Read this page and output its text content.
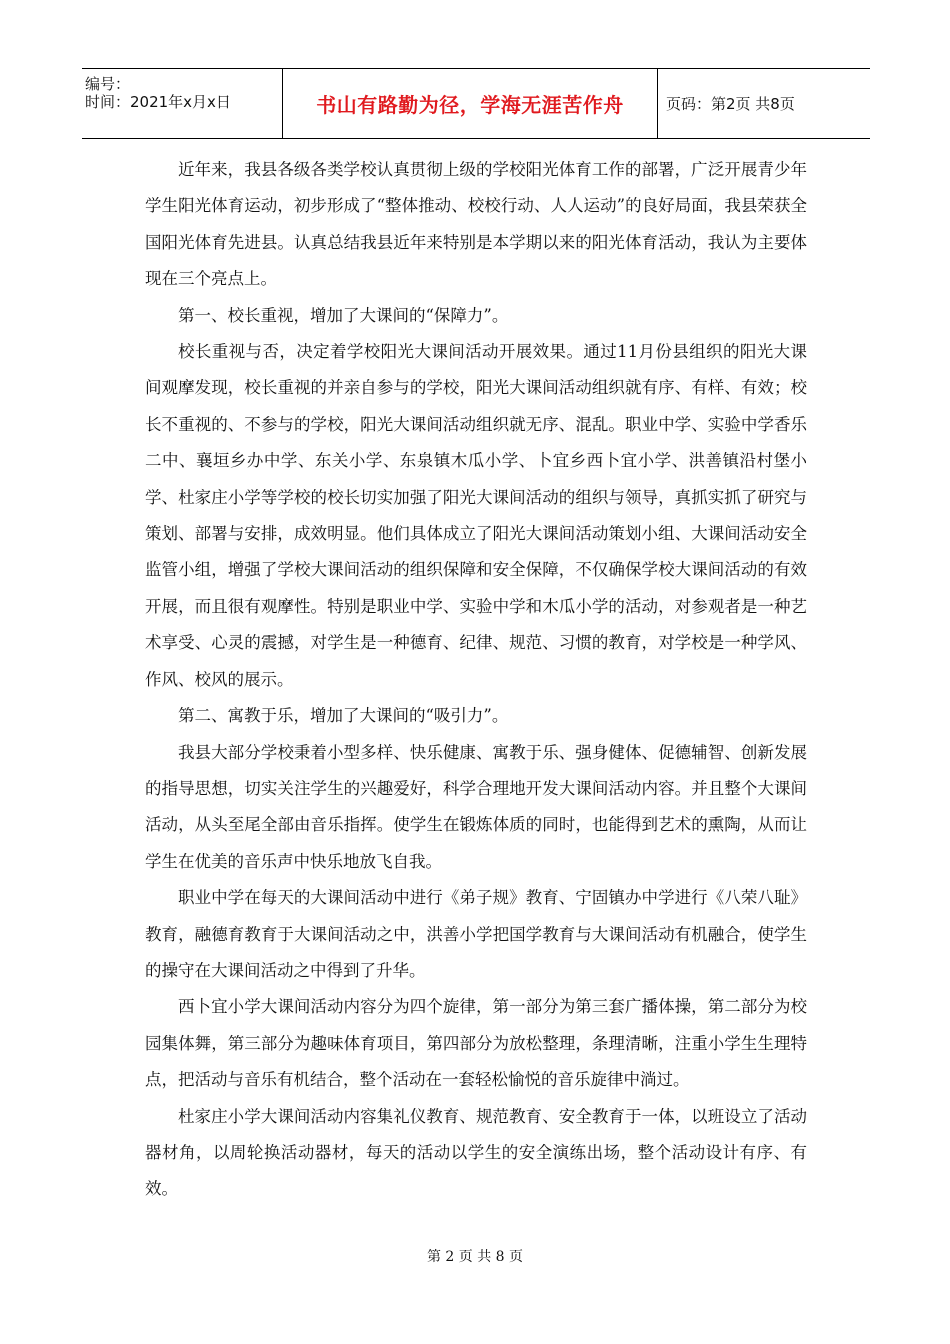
编号：
时间：2021年x月x日	书山有路勤为径，学海无涯苦作舟	页码：第2页 共8页

近年来，我县各级各类学校认真贯彻上级的学校阳光体育工作的部署，广泛开展青少年学生阳光体育运动，初步形成了“整体推动、校校行动、人人运动”的良好局面，我县荣获全国阳光体育先进县。认真总结我县近年来特别是本学期以来的阳光体育活动，我认为主要体现在三个亮点上。

第一、校长重视，增加了大课间的“保障力”。

校长重视与否，决定着学校阳光大课间活动开展效果。通过11月份县组织的阳光大课间观摩发现，校长重视的并亲自参与的学校，阳光大课间活动组织就有序、有样、有效；校长不重视的、不参与的学校，阳光大课间活动组织就无序、混乱。职业中学、实验中学香乐二中、襄垣乡办中学、东关小学、东泉镇木瓜小学、卜宜乡西卜宜小学、洪善镇沿村堡小学、杜家庄小学等学校的校长切实加强了阳光大课间活动的组织与领导，真抓实抓了研究与策划、部署与安排，成效明显。他们具体成立了阳光大课间活动策划小组、大课间活动安全监管小组，增强了学校大课间活动的组织保障和安全保障，不仅确保学校大课间活动的有效开展，而且很有观摩性。特别是职业中学、实验中学和木瓜小学的活动，对参观者是一种艺术享受、心灵的震撼，对学生是一种德育、纪律、规范、习惯的教育，对学校是一种学风、作风、校风的展示。

第二、寓教于乐，增加了大课间的“吸引力”。

我县大部分学校秉着小型多样、快乐健康、寓教于乐、强身健体、促德辅智、创新发展的指导思想，切实关注学生的兴趣爱好，科学合理地开发大课间活动内容。并且整个大课间活动，从头至尾全部由音乐指挥。使学生在锻炼体质的同时，也能得到艺术的熏陶，从而让学生在优美的音乐声中快乐地放飞自我。

职业中学在每天的大课间活动中进行《弟子规》教育、宁固镇办中学进行《八荣八耻》教育，融德育教育于大课间活动之中，洪善小学把国学教育与大课间活动有机融合，使学生的操守在大课间活动之中得到了升华。

西卜宜小学大课间活动内容分为四个旋律，第一部分为第三套广播体操，第二部分为校园集体舞，第三部分为趣味体育项目，第四部分为放松整理，条理清晰，注重小学生生理特点，把活动与音乐有机结合，整个活动在一套轻松愉悦的音乐旋律中淌过。

杜家庄小学大课间活动内容集礼仪教育、规范教育、安全教育于一体，以班设立了活动器材角，以周轮换活动器材，每天的活动以学生的安全演练出场，整个活动设计有序、有效。

第 2 页 共 8 页
